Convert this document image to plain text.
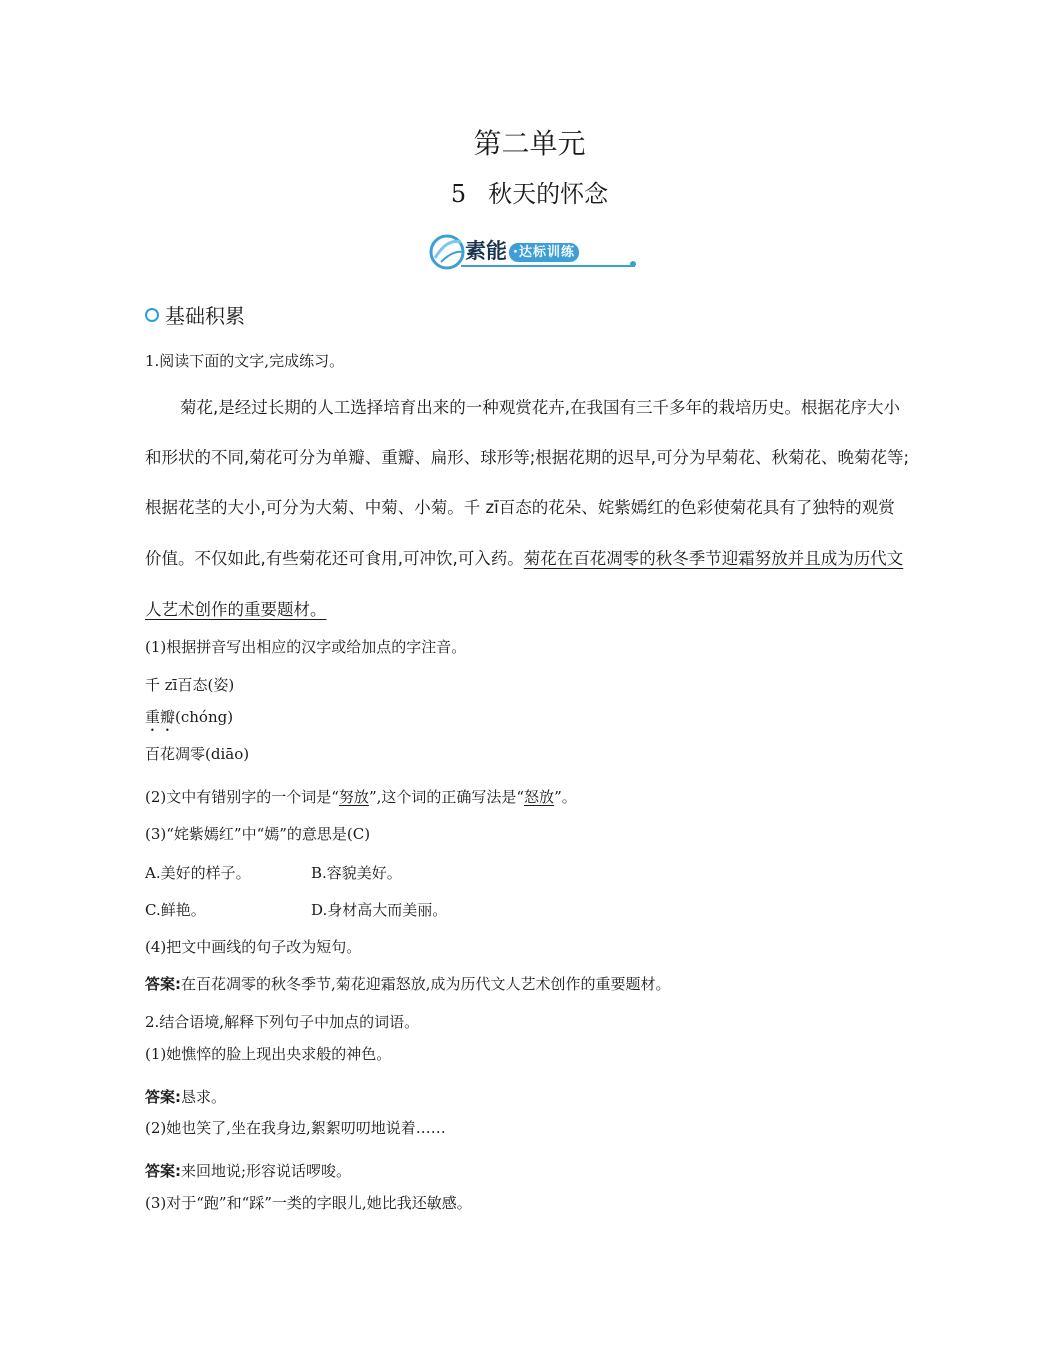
第二单元
5 秋天的怀念
素能 ·达标训练
基础积累
1.阅读下面的文字,完成练习。
菊花,是经过长期的人工选择培育出来的一种观赏花卉,在我国有三千多年的栽培历史。根据花序大小
和形状的不同,菊花可分为单瓣、重瓣、扁形、球形等;根据花期的迟早,可分为早菊花、秋菊花、晚菊花等;
根据花茎的大小,可分为大菊、中菊、小菊。千 zī百态的花朵、姹紫嫣红的色彩使菊花具有了独特的观赏
价值。不仅如此,有些菊花还可食用,可冲饮,可入药。菊花在百花凋零的秋冬季节迎霜努放并且成为历代文
人艺术创作的重要题材。
(1)根据拼音写出相应的汉字或给加点的字注音。
千 zī百态(姿)
重瓣(chóng)
百花凋零(diāo)
(2)文中有错别字的一个词是“努放”,这个词的正确写法是“怒放”。
(3)“姹紫嫣红”中“嫣”的意思是(C)
A.美好的样子。	B.容貌美好。
C.鲜艳。	D.身材高大而美丽。
(4)把文中画线的句子改为短句。
答案:在百花凋零的秋冬季节,菊花迎霜怒放,成为历代文人艺术创作的重要题材。
2.结合语境,解释下列句子中加点的词语。
(1)她憔悴的脸上现出央求般的神色。
答案:恳求。
(2)她也笑了,坐在我身边,絮絮叨叨地说着……
答案:来回地说;形容说话啰唆。
(3)对于“跑”和“踩”一类的字眼儿,她比我还敏感。
